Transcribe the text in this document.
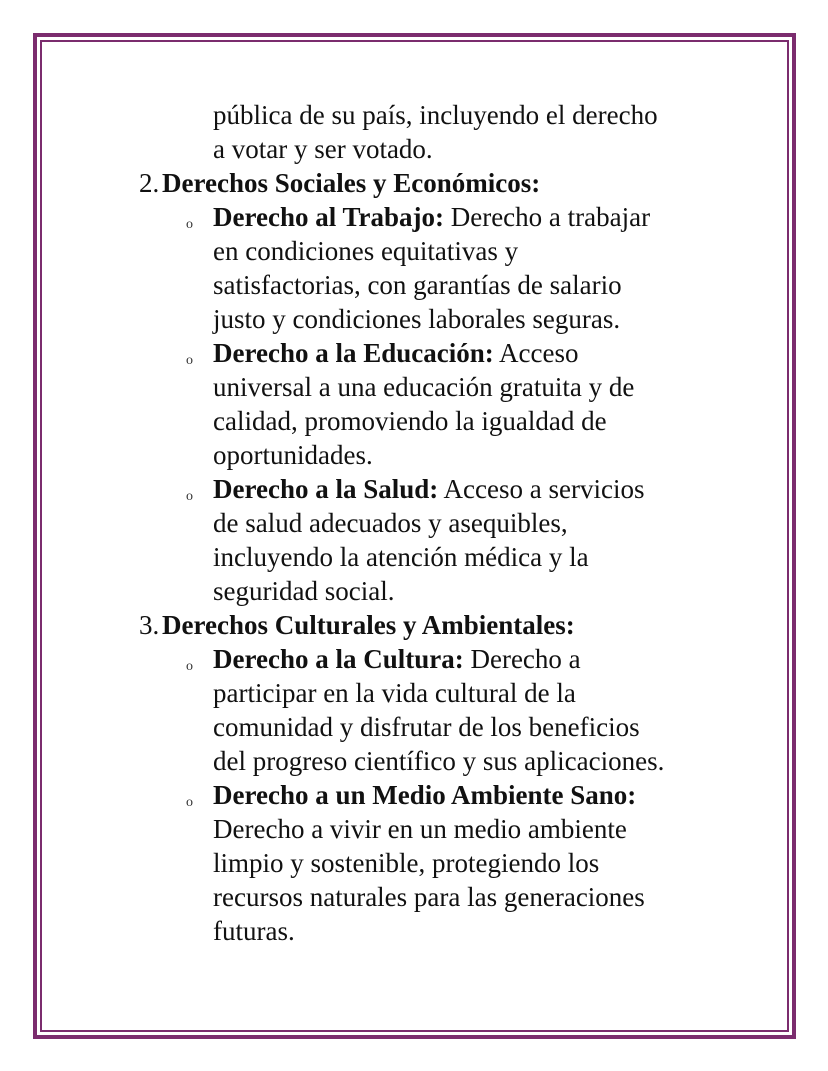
pública de su país, incluyendo el derecho
a votar y ser votado.
2. Derechos Sociales y Económicos:
o Derecho al Trabajo: Derecho a trabajar
en condiciones equitativas y
satisfactorias, con garantías de salario
justo y condiciones laborales seguras.
o Derecho a la Educación: Acceso
universal a una educación gratuita y de
calidad, promoviendo la igualdad de
oportunidades.
o Derecho a la Salud: Acceso a servicios
de salud adecuados y asequibles,
incluyendo la atención médica y la
seguridad social.
3. Derechos Culturales y Ambientales:
o Derecho a la Cultura: Derecho a
participar en la vida cultural de la
comunidad y disfrutar de los beneficios
del progreso científico y sus aplicaciones.
o Derecho a un Medio Ambiente Sano:
Derecho a vivir en un medio ambiente
limpio y sostenible, protegiendo los
recursos naturales para las generaciones
futuras.
